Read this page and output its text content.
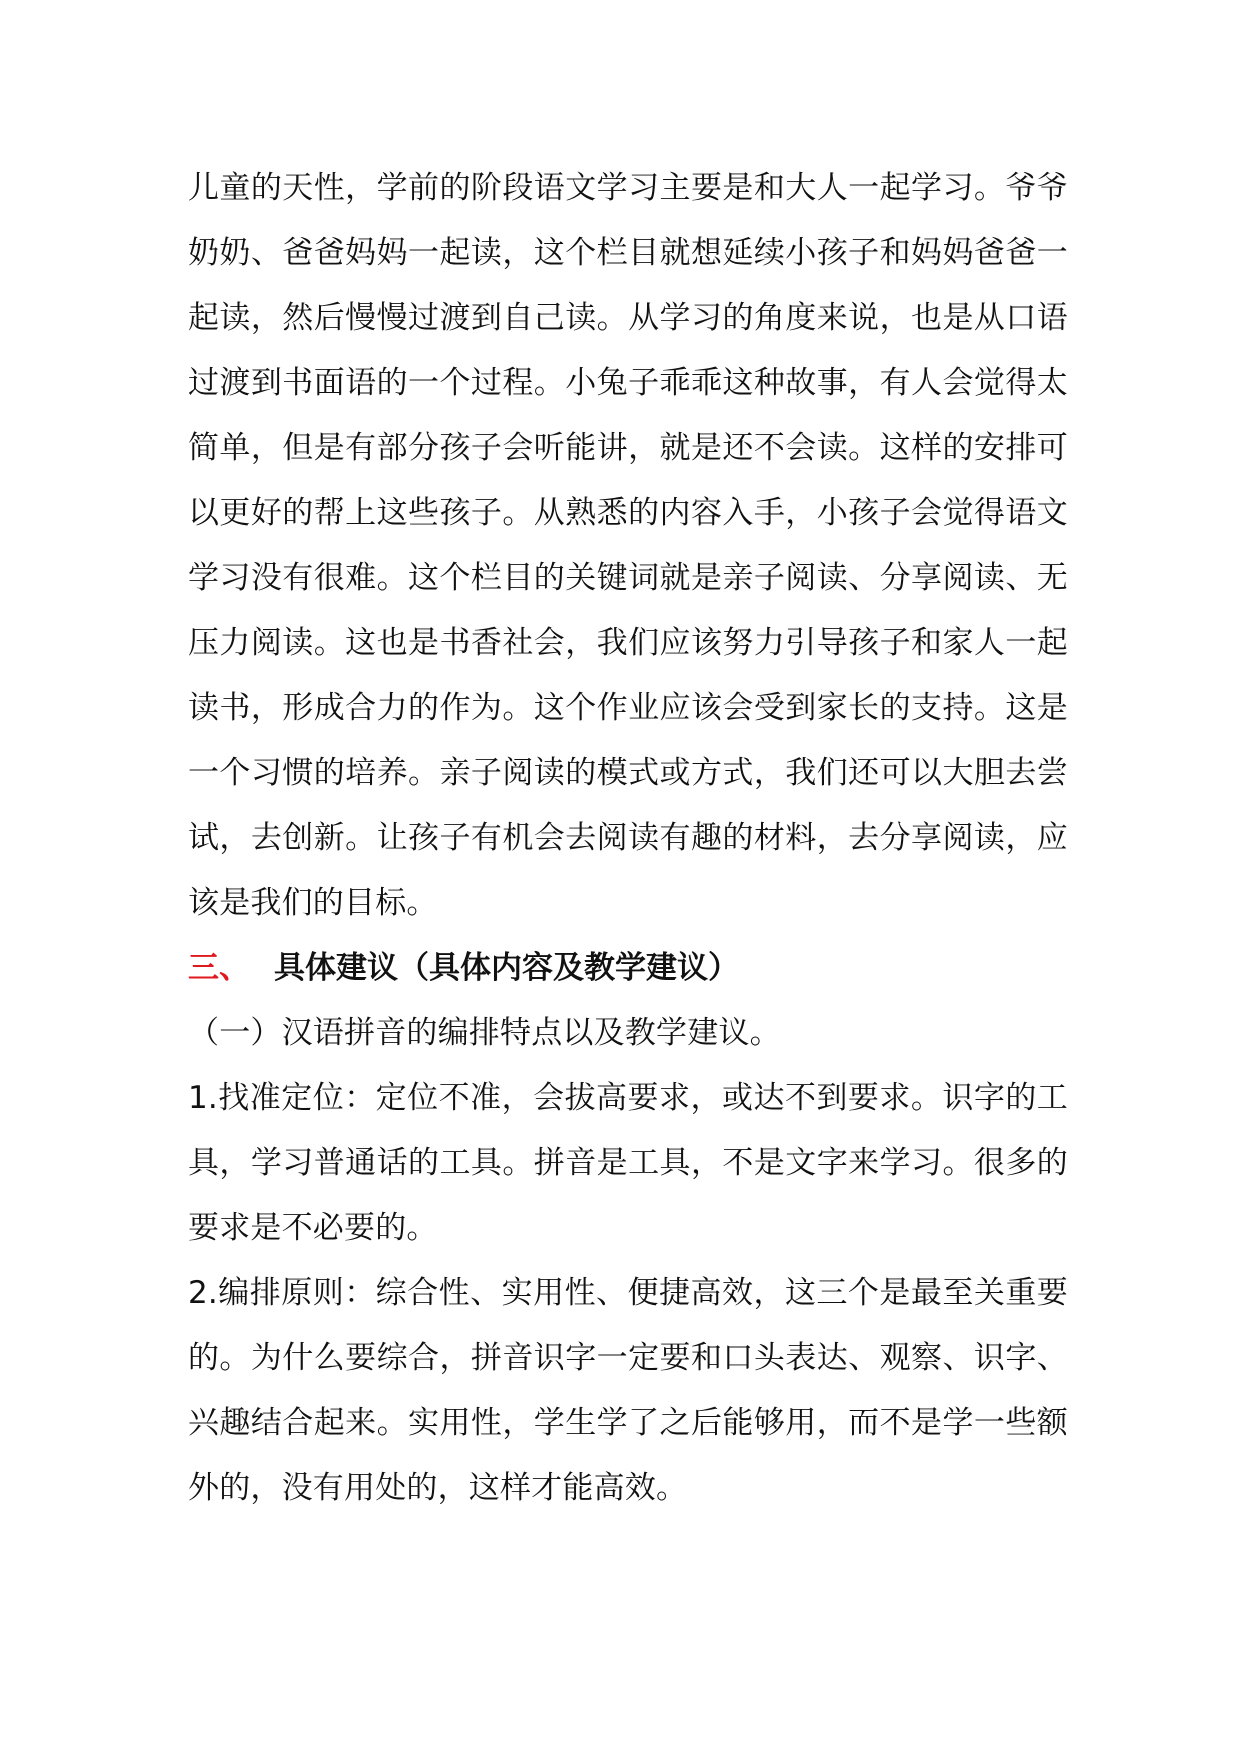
儿童的天性，学前的阶段语文学习主要是和大人一起学习。爷爷奶奶、爸爸妈妈一起读，这个栏目就想延续小孩子和妈妈爸爸一起读，然后慢慢过渡到自己读。从学习的角度来说，也是从口语过渡到书面语的一个过程。小兔子乖乖这种故事，有人会觉得太简单，但是有部分孩子会听能讲，就是还不会读。这样的安排可以更好的帮上这些孩子。从熟悉的内容入手，小孩子会觉得语文学习没有很难。这个栏目的关键词就是亲子阅读、分享阅读、无压力阅读。这也是书香社会，我们应该努力引导孩子和家人一起读书，形成合力的作为。这个作业应该会受到家长的支持。这是一个习惯的培养。亲子阅读的模式或方式，我们还可以大胆去尝试，去创新。让孩子有机会去阅读有趣的材料，去分享阅读，应该是我们的目标。

三、 具体建议（具体内容及教学建议）

（一）汉语拼音的编排特点以及教学建议。

1.找准定位：定位不准，会拔高要求，或达不到要求。识字的工具，学习普通话的工具。拼音是工具，不是文字来学习。很多的要求是不必要的。

2.编排原则：综合性、实用性、便捷高效，这三个是最至关重要的。为什么要综合，拼音识字一定要和口头表达、观察、识字、兴趣结合起来。实用性，学生学了之后能够用，而不是学一些额外的，没有用处的，这样才能高效。
